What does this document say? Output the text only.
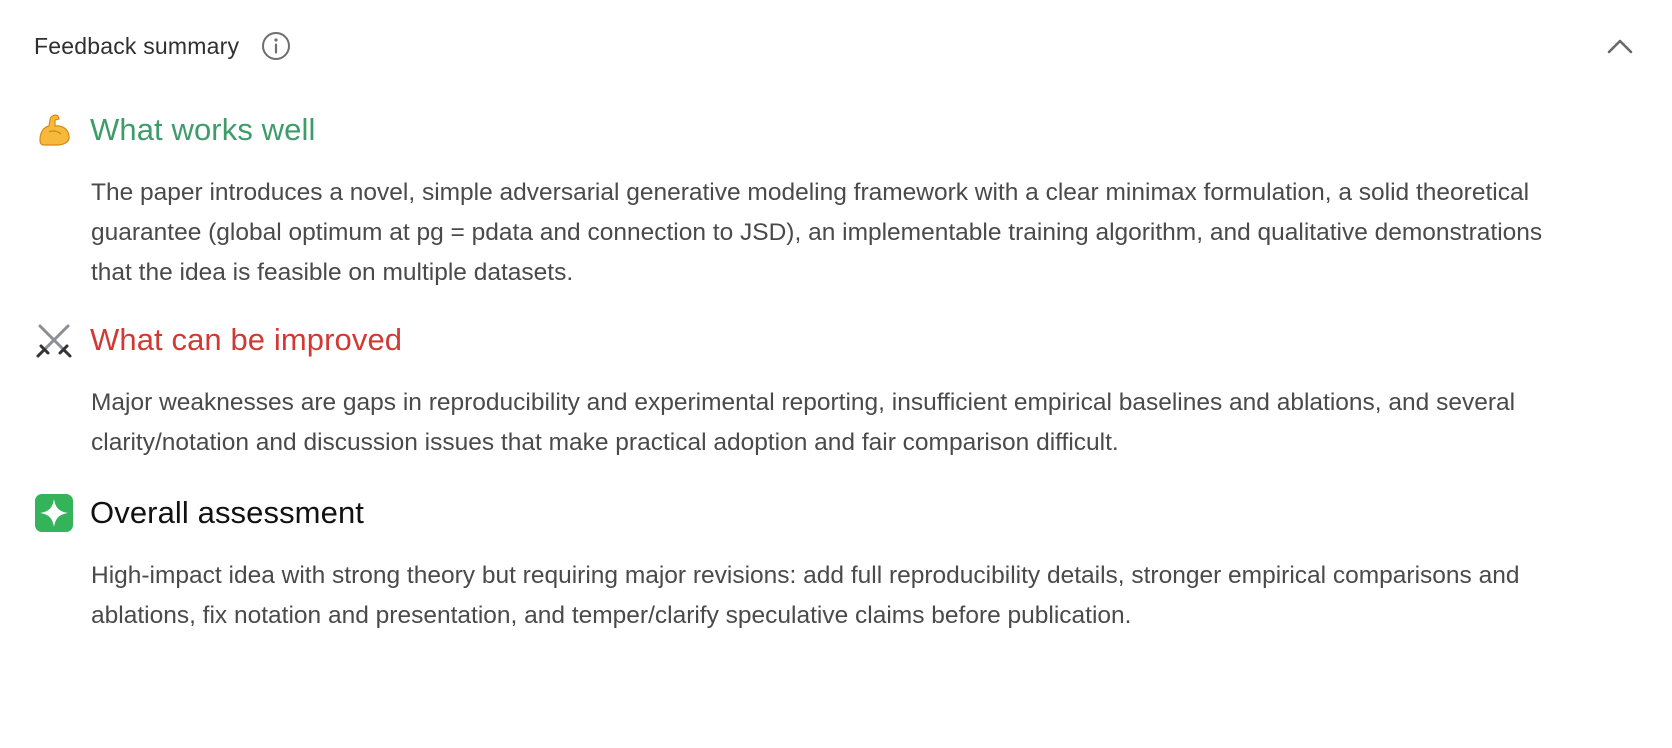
Feedback summary
What works well
The paper introduces a novel, simple adversarial generative modeling framework with a clear minimax formulation, a solid theoretical guarantee (global optimum at pg = pdata and connection to JSD), an implementable training algorithm, and qualitative demonstrations that the idea is feasible on multiple datasets.
What can be improved
Major weaknesses are gaps in reproducibility and experimental reporting, insufficient empirical baselines and ablations, and several clarity/notation and discussion issues that make practical adoption and fair comparison difficult.
Overall assessment
High-impact idea with strong theory but requiring major revisions: add full reproducibility details, stronger empirical comparisons and ablations, fix notation and presentation, and temper/clarify speculative claims before publication.
